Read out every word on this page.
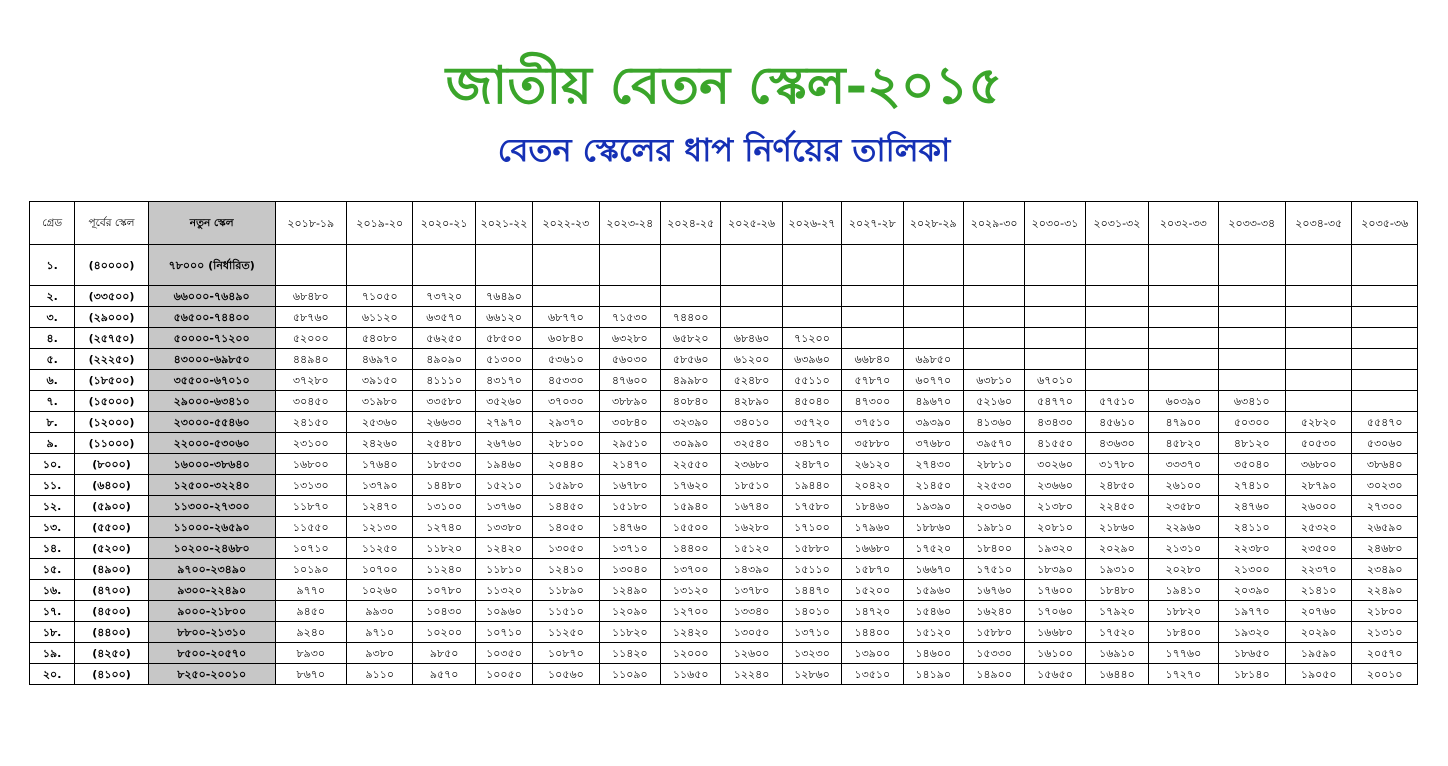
জাতীয় বেতন স্কেল-২০১৫
বেতন স্কেলের ধাপ নির্ণয়ের তালিকা
গ্রেড	পূর্বের স্কেল	নতুন স্কেল	২০১৮-১৯	২০১৯-২০	২০২০-২১	২০২১-২২	২০২২-২৩	২০২৩-২৪	২০২৪-২৫	২০২৫-২৬	২০২৬-২৭	২০২৭-২৮	২০২৮-২৯	২০২৯-৩০	২০৩০-৩১	২০৩১-৩২	২০৩২-৩৩	২০৩৩-৩৪	২০৩৪-৩৫	২০৩৫-৩৬
১.	(৪০০০০)	৭৮০০০ (নির্ধারিত)																		
২.	(৩৩৫০০)	৬৬০০০-৭৬৪৯০	৬৮৪৮০	৭১০৫০	৭৩৭২০	৭৬৪৯০														
৩.	(২৯০০০)	৫৬৫০০-৭৪৪০০	৫৮৭৬০	৬১১২০	৬৩৫৭০	৬৬১২০	৬৮৭৭০	৭১৫৩০	৭৪৪০০											
৪.	(২৫৭৫০)	৫০০০০-৭১২০০	৫২০০০	৫৪০৮০	৫৬২৫০	৫৮৫০০	৬০৮৪০	৬৩২৮০	৬৫৮২০	৬৮৪৬০	৭১২০০									
৫.	(২২২৫০)	৪৩০০০-৬৯৮৫০	৪৪৯৪০	৪৬৯৭০	৪৯০৯০	৫১৩০০	৫৩৬১০	৫৬০৩০	৫৮৫৬০	৬১২০০	৬৩৯৬০	৬৬৮৪০	৬৯৮৫০							
৬.	(১৮৫০০)	৩৫৫০০-৬৭০১০	৩৭২৮০	৩৯১৫০	৪১১১০	৪৩১৭০	৪৫৩৩০	৪৭৬০০	৪৯৯৮০	৫২৪৮০	৫৫১১০	৫৭৮৭০	৬০৭৭০	৬৩৮১০	৬৭০১০					
৭.	(১৫০০০)	২৯০০০-৬৩৪১০	৩০৪৫০	৩১৯৮০	৩৩৫৮০	৩৫২৬০	৩৭০৩০	৩৮৮৯০	৪০৮৪০	৪২৮৯০	৪৫০৪০	৪৭৩০০	৪৯৬৭০	৫২১৬০	৫৪৭৭০	৫৭৫১০	৬০৩৯০	৬৩৪১০		
৮.	(১২০০০)	২৩০০০-৫৫৪৬০	২৪১৫০	২৫৩৬০	২৬৬৩০	২৭৯৭০	২৯৩৭০	৩০৮৪০	৩২৩৯০	৩৪০১০	৩৫৭২০	৩৭৫১০	৩৯৩৯০	৪১৩৬০	৪৩৪৩০	৪৫৬১০	৪৭৯০০	৫০৩০০	৫২৮২০	৫৫৪৭০
৯.	(১১০০০)	২২০০০-৫৩০৬০	২৩১০০	২৪২৬০	২৫৪৮০	২৬৭৬০	২৮১০০	২৯৫১০	৩০৯৯০	৩২৫৪০	৩৪১৭০	৩৫৮৮০	৩৭৬৮০	৩৯৫৭০	৪১৫৫০	৪৩৬৩০	৪৫৮২০	৪৮১২০	৫০৫৩০	৫৩০৬০
১০.	(৮০০০)	১৬০০০-৩৮৬৪০	১৬৮০০	১৭৬৪০	১৮৫৩০	১৯৪৬০	২০৪৪০	২১৪৭০	২২৫৫০	২৩৬৮০	২৪৮৭০	২৬১২০	২৭৪৩০	২৮৮১০	৩০২৬০	৩১৭৮০	৩৩৩৭০	৩৫০৪০	৩৬৮০০	৩৮৬৪০
১১.	(৬৪০০)	১২৫০০-৩২২৪০	১৩১৩০	১৩৭৯০	১৪৪৮০	১৫২১০	১৫৯৮০	১৬৭৮০	১৭৬২০	১৮৫১০	১৯৪৪০	২০৪২০	২১৪৫০	২২৫৩০	২৩৬৬০	২৪৮৫০	২৬১০০	২৭৪১০	২৮৭৯০	৩০২৩০
১২.	(৫৯০০)	১১৩০০-২৭৩০০	১১৮৭০	১২৪৭০	১৩১০০	১৩৭৬০	১৪৪৫০	১৫১৮০	১৫৯৪০	১৬৭৪০	১৭৫৮০	১৮৪৬০	১৯৩৯০	২০৩৬০	২১৩৮০	২২৪৫০	২৩৫৮০	২৪৭৬০	২৬০০০	২৭৩০০
১৩.	(৫৫০০)	১১০০০-২৬৫৯০	১১৫৫০	১২১৩০	১২৭৪০	১৩৩৮০	১৪০৫০	১৪৭৬০	১৫৫০০	১৬২৮০	১৭১০০	১৭৯৬০	১৮৮৬০	১৯৮১০	২০৮১০	২১৮৬০	২২৯৬০	২৪১১০	২৫৩২০	২৬৫৯০
১৪.	(৫২০০)	১০২০০-২৪৬৮০	১০৭১০	১১২৫০	১১৮২০	১২৪২০	১৩০৫০	১৩৭১০	১৪৪০০	১৫১২০	১৫৮৮০	১৬৬৮০	১৭৫২০	১৮৪০০	১৯৩২০	২০২৯০	২১৩১০	২২৩৮০	২৩৫০০	২৪৬৮০
১৫.	(৪৯০০)	৯৭০০-২৩৪৯০	১০১৯০	১০৭০০	১১২৪০	১১৮১০	১২৪১০	১৩০৪০	১৩৭০০	১৪৩৯০	১৫১১০	১৫৮৭০	১৬৬৭০	১৭৫১০	১৮৩৯০	১৯৩১০	২০২৮০	২১৩০০	২২৩৭০	২৩৪৯০
১৬.	(৪৭০০)	৯৩০০-২২৪৯০	৯৭৭০	১০২৬০	১০৭৮০	১১৩২০	১১৮৯০	১২৪৯০	১৩১২০	১৩৭৮০	১৪৪৭০	১৫২০০	১৫৯৬০	১৬৭৬০	১৭৬০০	১৮৪৮০	১৯৪১০	২০৩৯০	২১৪১০	২২৪৯০
১৭.	(৪৫০০)	৯০০০-২১৮০০	৯৪৫০	৯৯৩০	১০৪৩০	১০৯৬০	১১৫১০	১২০৯০	১২৭০০	১৩৩৪০	১৪০১০	১৪৭২০	১৫৪৬০	১৬২৪০	১৭০৬০	১৭৯২০	১৮৮২০	১৯৭৭০	২০৭৬০	২১৮০০
১৮.	(৪৪০০)	৮৮০০-২১৩১০	৯২৪০	৯৭১০	১০২০০	১০৭১০	১১২৫০	১১৮২০	১২৪২০	১৩০৫০	১৩৭১০	১৪৪০০	১৫১২০	১৫৮৮০	১৬৬৮০	১৭৫২০	১৮৪০০	১৯৩২০	২০২৯০	২১৩১০
১৯.	(৪২৫০)	৮৫০০-২০৫৭০	৮৯৩০	৯৩৮০	৯৮৫০	১০৩৫০	১০৮৭০	১১৪২০	১২০০০	১২৬০০	১৩২৩০	১৩৯০০	১৪৬০০	১৫৩৩০	১৬১০০	১৬৯১০	১৭৭৬০	১৮৬৫০	১৯৫৯০	২০৫৭০
২০.	(৪১০০)	৮২৫০-২০০১০	৮৬৭০	৯১১০	৯৫৭০	১০০৫০	১০৫৬০	১১০৯০	১১৬৫০	১২২৪০	১২৮৬০	১৩৫১০	১৪১৯০	১৪৯০০	১৫৬৫০	১৬৪৪০	১৭২৭০	১৮১৪০	১৯০৫০	২০০১০
